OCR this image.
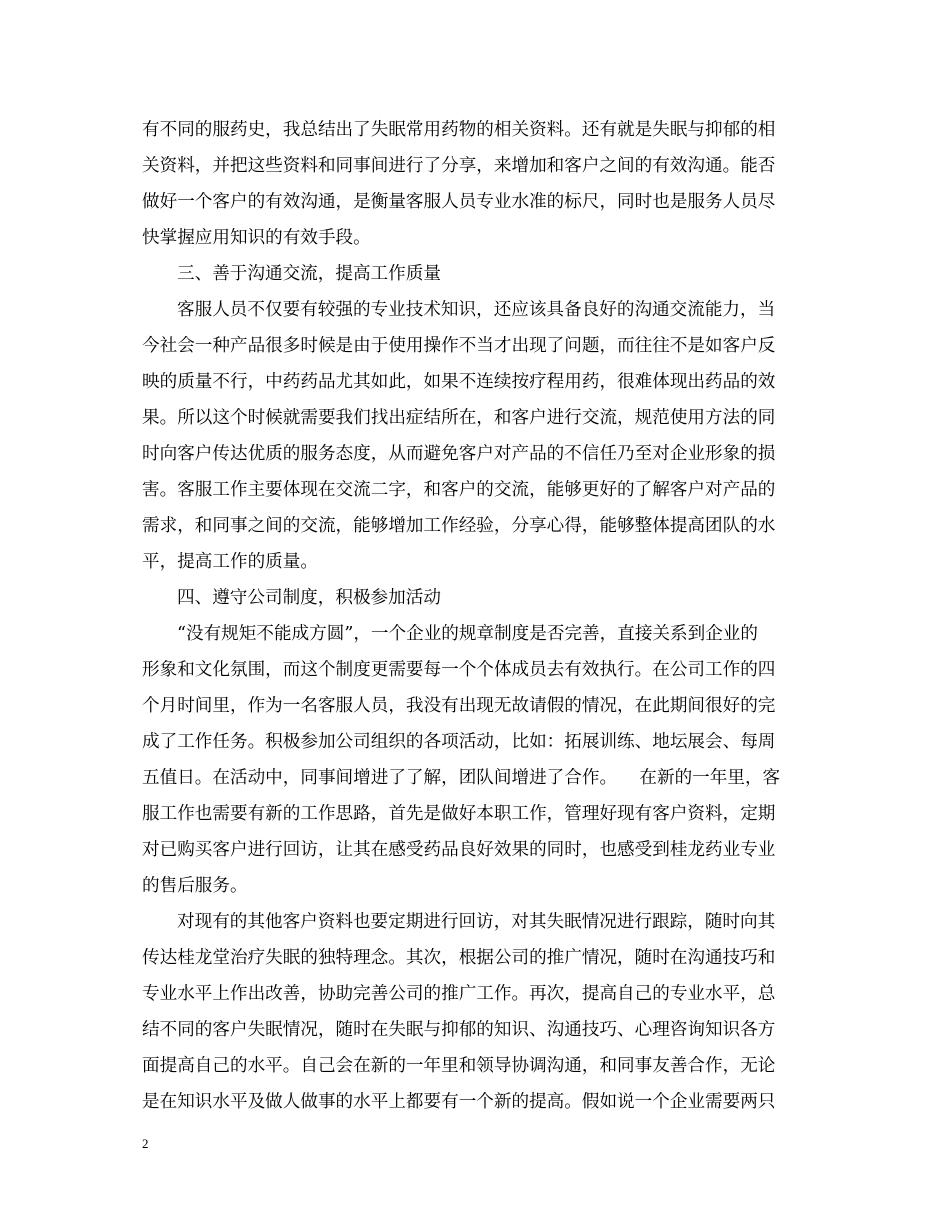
有不同的服药史，我总结出了失眠常用药物的相关资料。还有就是失眠与抑郁的相
关资料，并把这些资料和同事间进行了分享，来增加和客户之间的有效沟通。能否
做好一个客户的有效沟通，是衡量客服人员专业水准的标尺，同时也是服务人员尽
快掌握应用知识的有效手段。
三、善于沟通交流，提高工作质量
客服人员不仅要有较强的专业技术知识，还应该具备良好的沟通交流能力，当
今社会一种产品很多时候是由于使用操作不当才出现了问题，而往往不是如客户反
映的质量不行，中药药品尤其如此，如果不连续按疗程用药，很难体现出药品的效
果。所以这个时候就需要我们找出症结所在，和客户进行交流，规范使用方法的同
时向客户传达优质的服务态度，从而避免客户对产品的不信任乃至对企业形象的损
害。客服工作主要体现在交流二字，和客户的交流，能够更好的了解客户对产品的
需求，和同事之间的交流，能够增加工作经验，分享心得，能够整体提高团队的水
平，提高工作的质量。
四、遵守公司制度，积极参加活动
“没有规矩不能成方圆”，一个企业的规章制度是否完善，直接关系到企业的
形象和文化氛围，而这个制度更需要每一个个体成员去有效执行。在公司工作的四
个月时间里，作为一名客服人员，我没有出现无故请假的情况，在此期间很好的完
成了工作任务。积极参加公司组织的各项活动，比如：拓展训练、地坛展会、每周
五值日。在活动中，同事间增进了了解，团队间增进了合作。    在新的一年里，客
服工作也需要有新的工作思路，首先是做好本职工作，管理好现有客户资料，定期
对已购买客户进行回访，让其在感受药品良好效果的同时，也感受到桂龙药业专业
的售后服务。
对现有的其他客户资料也要定期进行回访，对其失眠情况进行跟踪，随时向其
传达桂龙堂治疗失眠的独特理念。其次，根据公司的推广情况，随时在沟通技巧和
专业水平上作出改善，协助完善公司的推广工作。再次，提高自己的专业水平，总
结不同的客户失眠情况，随时在失眠与抑郁的知识、沟通技巧、心理咨询知识各方
面提高自己的水平。自己会在新的一年里和领导协调沟通，和同事友善合作，无论
是在知识水平及做人做事的水平上都要有一个新的提高。假如说一个企业需要两只
2
